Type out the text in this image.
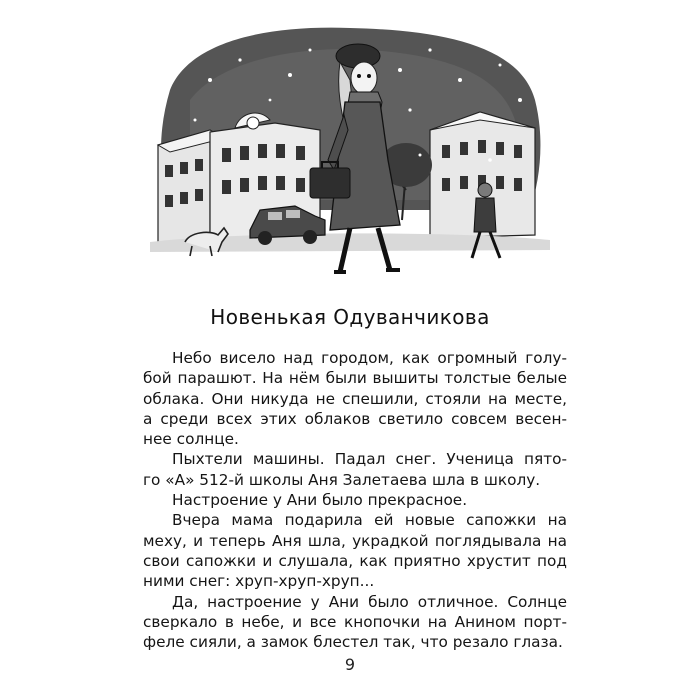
Новенькая Одуванчикова
Небо висело над городом, как огромный голу-
бой парашют. На нём были вышиты толстые белые
облака. Они никуда не спешили, стояли на месте,
а среди всех этих облаков светило совсем весен-
нее солнце.
Пыхтели машины. Падал снег. Ученица пято-
го «А» 512-й школы Аня Залетаева шла в школу.
Настроение у Ани было прекрасное.
Вчера мама подарила ей новые сапожки на
меху, и теперь Аня шла, украдкой поглядывала на
свои сапожки и слушала, как приятно хрустит под
ними снег: хруп-хруп-хруп...
Да, настроение у Ани было отличное. Солнце
сверкало в небе, и все кнопочки на Анином порт-
феле сияли, а замок блестел так, что резало глаза.
9
